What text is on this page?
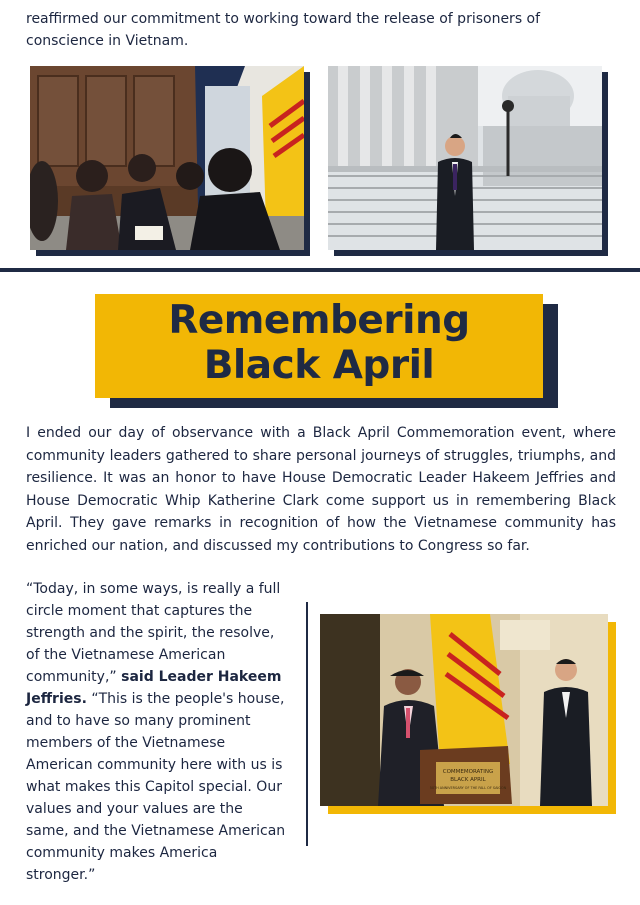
reaffirmed our commitment to working toward the release of prisoners of conscience in Vietnam.

Remembering
Black April

I ended our day of observance with a Black April Commemoration event, where community leaders gathered to share personal journeys of struggles, triumphs, and resilience. It was an honor to have House Democratic Leader Hakeem Jeffries and House Democratic Whip Katherine Clark come support us in remembering Black April. They gave remarks in recognition of how the Vietnamese community has enriched our nation, and discussed my contributions to Congress so far.

“Today, in some ways, is really a full circle moment that captures the strength and the spirit, the resolve, of the Vietnamese American community,” said Leader Hakeem Jeffries. “This is the people's house, and to have so many prominent members of the Vietnamese American community here with us is what makes this Capitol special. Our values and your values are the same, and the Vietnamese American community makes America stronger.”

COMMEMORATING
BLACK APRIL
50TH ANNIVERSARY OF THE FALL OF SAIGON
